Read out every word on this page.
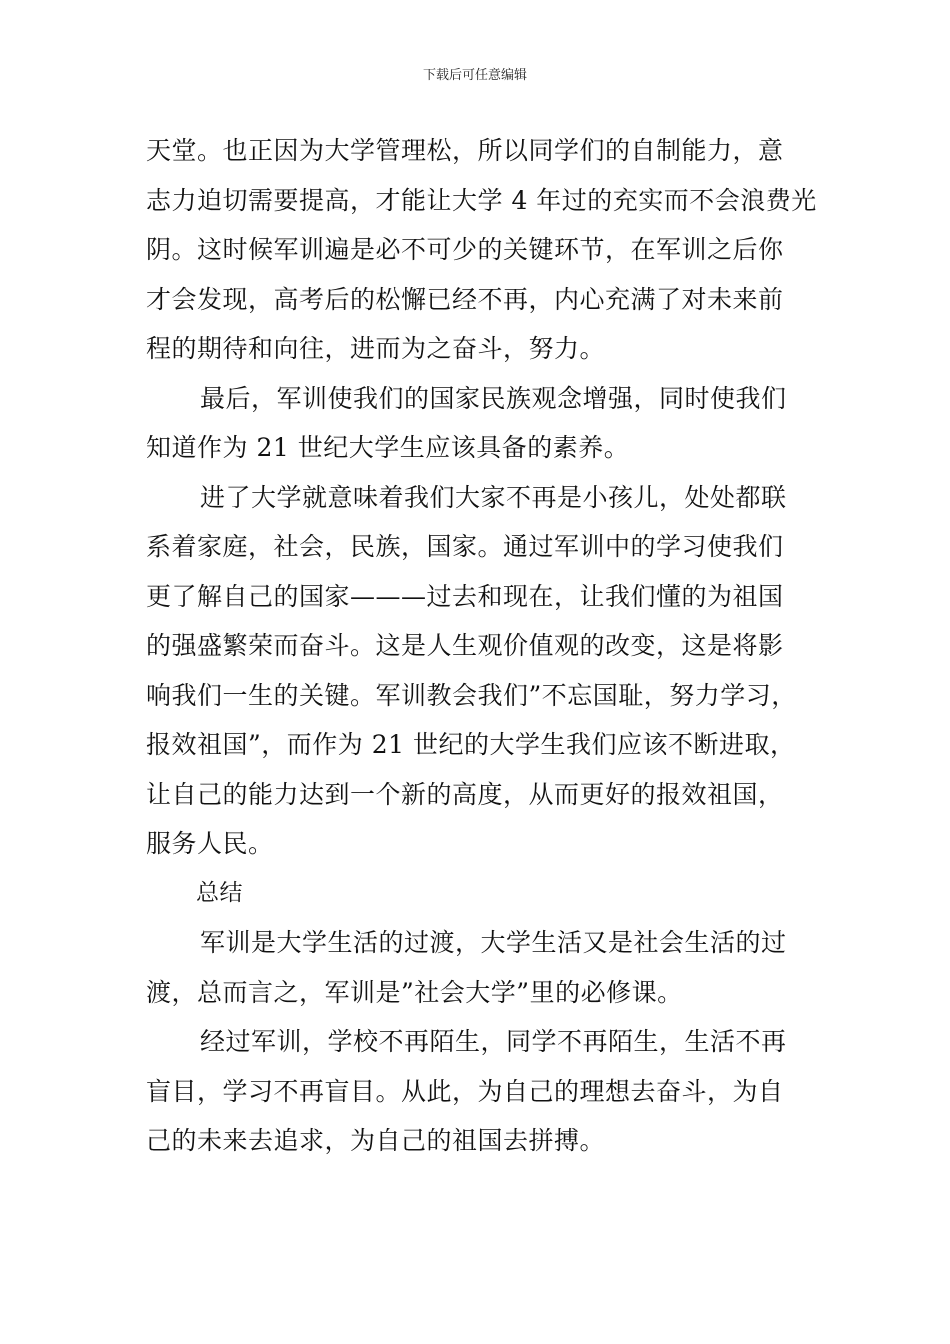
下载后可任意编辑
天堂。也正因为大学管理松，所以同学们的自制能力，意
志力迫切需要提高，才能让大学 4 年过的充实而不会浪费光
阴。这时候军训遍是必不可少的关键环节，在军训之后你
才会发现，高考后的松懈已经不再，内心充满了对未来前
程的期待和向往，进而为之奋斗，努力。
最后，军训使我们的国家民族观念增强，同时使我们
知道作为 21 世纪大学生应该具备的素养。
进了大学就意味着我们大家不再是小孩儿，处处都联
系着家庭，社会，民族，国家。通过军训中的学习使我们
更了解自己的国家———过去和现在，让我们懂的为祖国
的强盛繁荣而奋斗。这是人生观价值观的改变，这是将影
响我们一生的关键。军训教会我们”不忘国耻，努力学习，
报效祖国”，而作为 21 世纪的大学生我们应该不断进取，
让自己的能力达到一个新的高度，从而更好的报效祖国，
服务人民。
总结
军训是大学生活的过渡，大学生活又是社会生活的过
渡，总而言之，军训是”社会大学”里的必修课。
经过军训，学校不再陌生，同学不再陌生，生活不再
盲目，学习不再盲目。从此，为自己的理想去奋斗，为自
己的未来去追求，为自己的祖国去拼搏。
